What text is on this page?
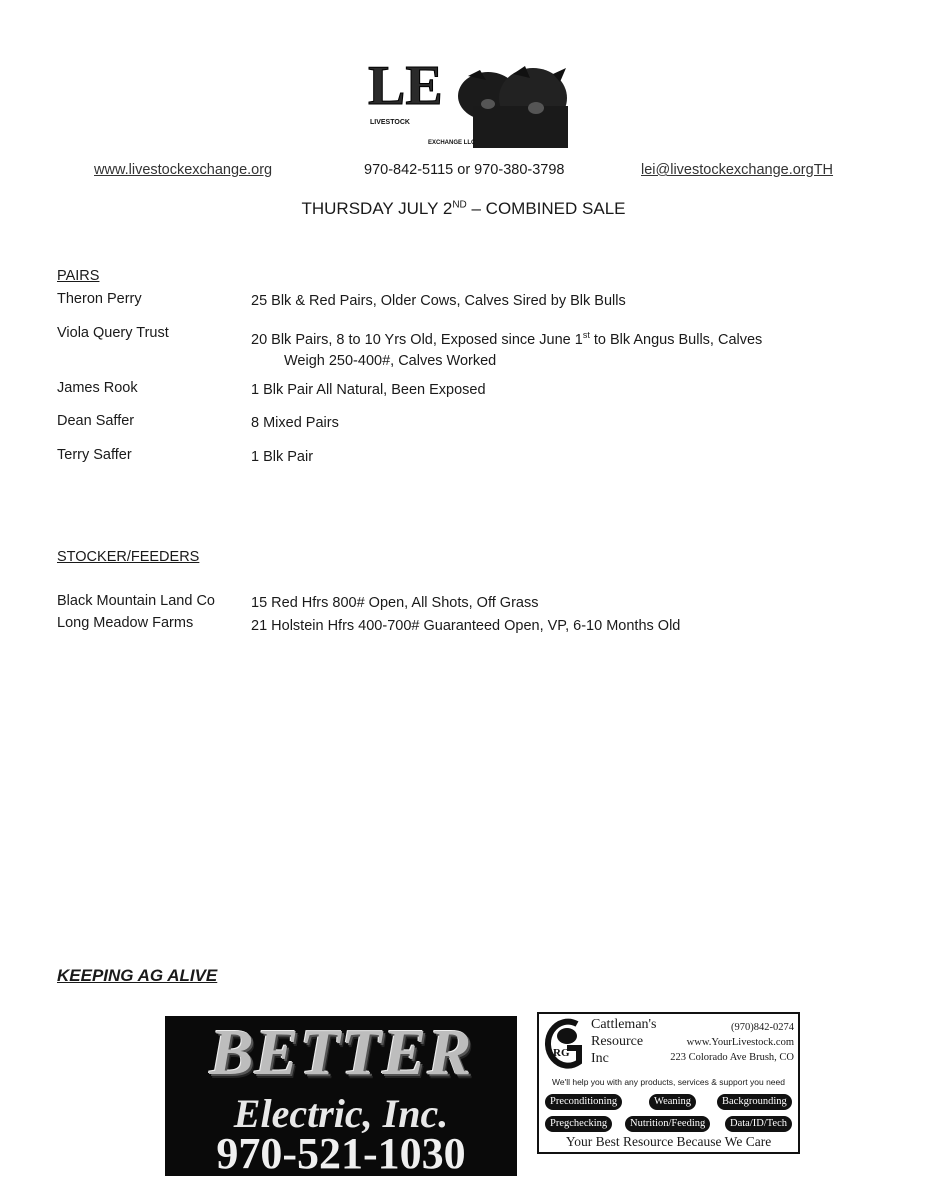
LE
LIVESTOCK
EXCHANGE LLC
www.livestockexchange.org	970-842-5115 or 970-380-3798	lei@livestockexchange.orgTH
THURSDAY JULY 2ND – COMBINED SALE
PAIRS
Theron Perry	25 Blk & Red Pairs, Older Cows, Calves Sired by Blk Bulls
Viola Query Trust	20 Blk Pairs, 8 to 10 Yrs Old, Exposed since June 1st to Blk Angus Bulls, Calves
Weigh 250-400#, Calves Worked
James Rook	1 Blk Pair All Natural, Been Exposed
Dean Saffer	8 Mixed Pairs
Terry Saffer	1 Blk Pair
STOCKER/FEEDERS
Black Mountain Land Co 15 Red Hfrs 800# Open, All Shots, Off Grass
Long Meadow Farms	21 Holstein Hfrs 400-700# Guaranteed Open, VP, 6-10 Months Old
KEEPING AG ALIVE
BETTER
Electric, Inc.
970-521-1030
RG
Cattleman's
Resource
Inc
(970)842-0274
www.YourLivestock.com
223 Colorado Ave Brush, CO
We'll help you with any products, services & support you need
Preconditioning	Weaning	Backgrounding
Pregchecking	Nutrition/Feeding	Data/ID/Tech
Your Best Resource Because We Care
